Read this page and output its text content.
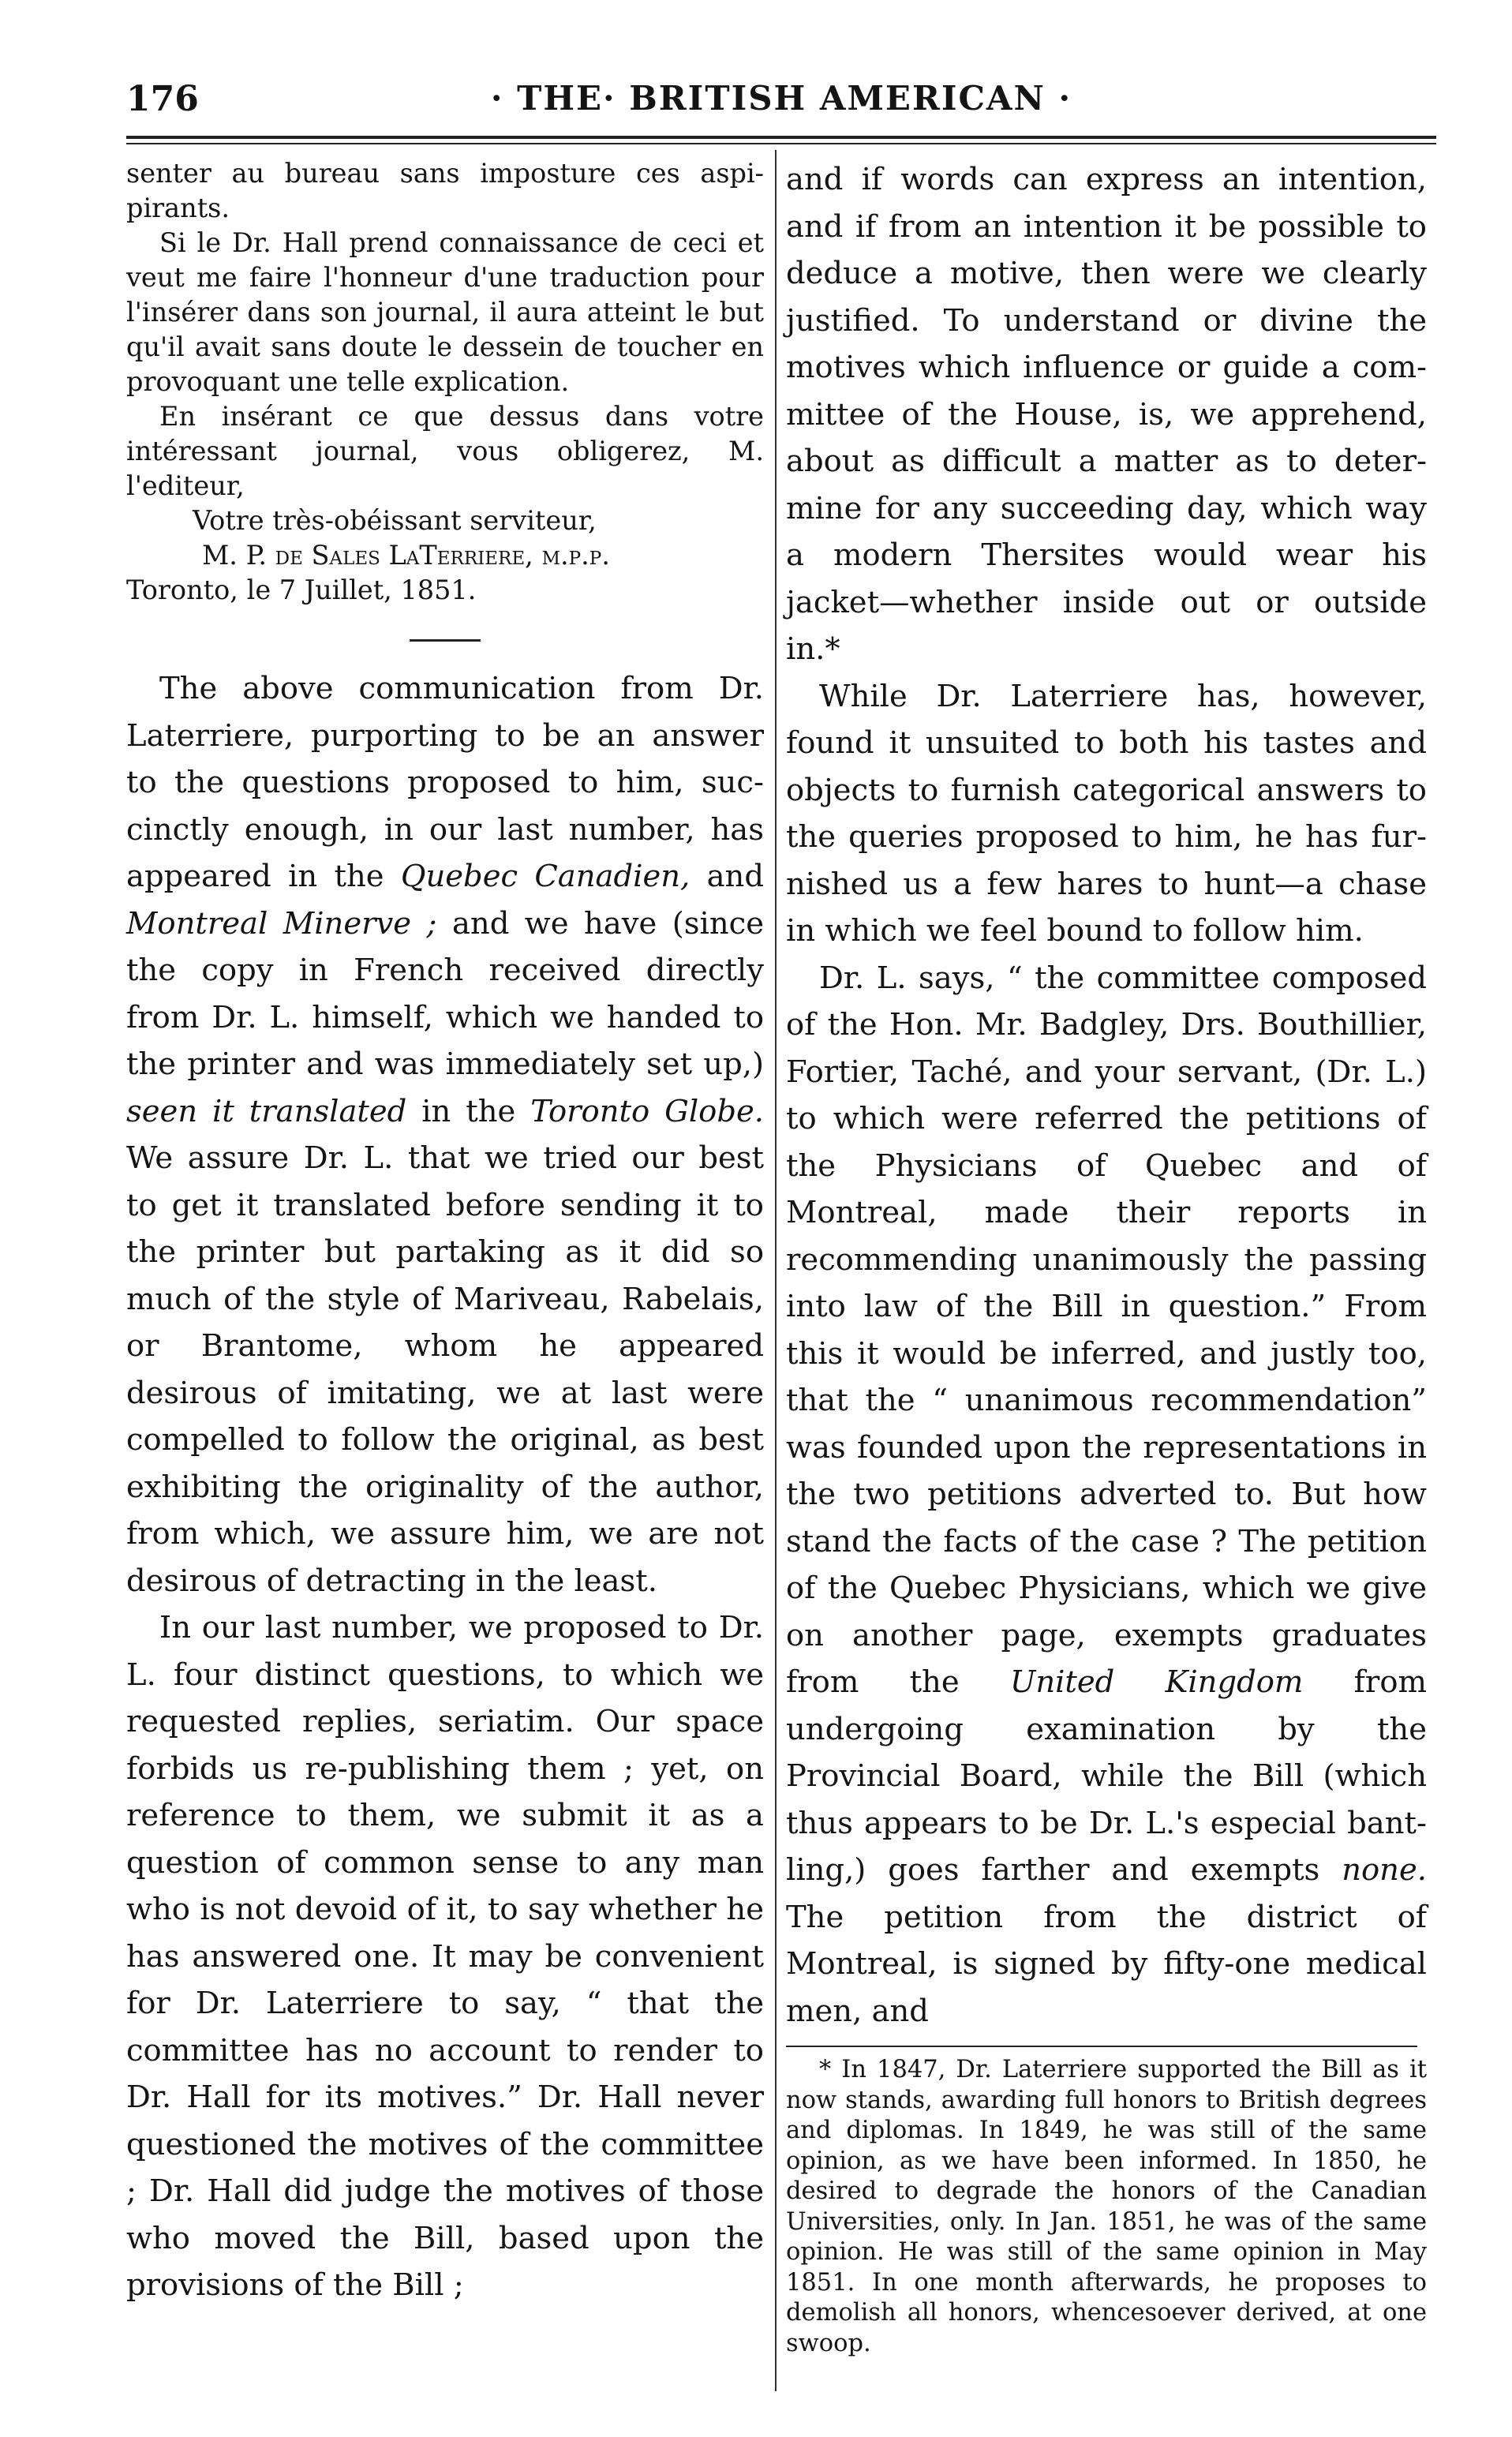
176	· THE· BRITISH AMERICAN ·

senter au bureau sans imposture ces aspipirants.

Si le Dr. Hall prend connaissance de ceci et veut me faire l'honneur d'une traduction pour l'insérer dans son journal, il aura atteint le but qu'il avait sans doute le dessein de toucher en provoquant une telle explication.

En insérant ce que dessus dans votre intéressant journal, vous obligerez, M. l'editeur,

Votre très-obéissant serviteur,

M. P. de Sales LaTerriere, m.p.p.

Toronto, le 7 Juillet, 1851.

The above communication from Dr. Laterriere, purporting to be an answer to the questions proposed to him, succinctly enough, in our last number, has appeared in the Quebec Canadien, and Montreal Minerve ; and we have (since the copy in French received directly from Dr. L. himself, which we handed to the printer and was immediately set up,) seen it translated in the Toronto Globe. We assure Dr. L. that we tried our best to get it translated before sending it to the printer but partaking as it did so much of the style of Mariveau, Rabelais, or Brantome, whom he appeared desirous of imitating, we at last were compelled to follow the original, as best exhibiting the originality of the author, from which, we assure him, we are not desirous of detracting in the least.

In our last number, we proposed to Dr. L. four distinct questions, to which we requested replies, seriatim. Our space forbids us re-publishing them ; yet, on reference to them, we submit it as a question of common sense to any man who is not devoid of it, to say whether he has answered one. It may be convenient for Dr. Laterriere to say, “ that the committee has no account to render to Dr. Hall for its motives.” Dr. Hall never questioned the motives of the committee ; Dr. Hall did judge the motives of those who moved the Bill, based upon the provisions of the Bill ;

and if words can express an intention, and if from an intention it be possible to deduce a motive, then were we clearly justified. To understand or divine the motives which influence or guide a committee of the House, is, we apprehend, about as difficult a matter as to determine for any succeeding day, which way a modern Thersites would wear his jacket—whether inside out or outside in.*

While Dr. Laterriere has, however, found it unsuited to both his tastes and objects to furnish categorical answers to the queries proposed to him, he has furnished us a few hares to hunt—a chase in which we feel bound to follow him.

Dr. L. says, “ the committee composed of the Hon. Mr. Badgley, Drs. Bouthillier, Fortier, Taché, and your servant, (Dr. L.) to which were referred the petitions of the Physicians of Quebec and of Montreal, made their reports in recommending unanimously the passing into law of the Bill in question.” From this it would be inferred, and justly too, that the “ unanimous recommendation” was founded upon the representations in the two petitions adverted to. But how stand the facts of the case ? The petition of the Quebec Physicians, which we give on another page, exempts graduates from the United Kingdom from undergoing examination by the Provincial Board, while the Bill (which thus appears to be Dr. L.'s especial bantling,) goes farther and exempts none. The petition from the district of Montreal, is signed by fifty-one medical men, and

* In 1847, Dr. Laterriere supported the Bill as it now stands, awarding full honors to British degrees and diplomas. In 1849, he was still of the same opinion, as we have been informed. In 1850, he desired to degrade the honors of the Canadian Universities, only. In Jan. 1851, he was of the same opinion. He was still of the same opinion in May 1851. In one month afterwards, he proposes to demolish all honors, whencesoever derived, at one swoop.
